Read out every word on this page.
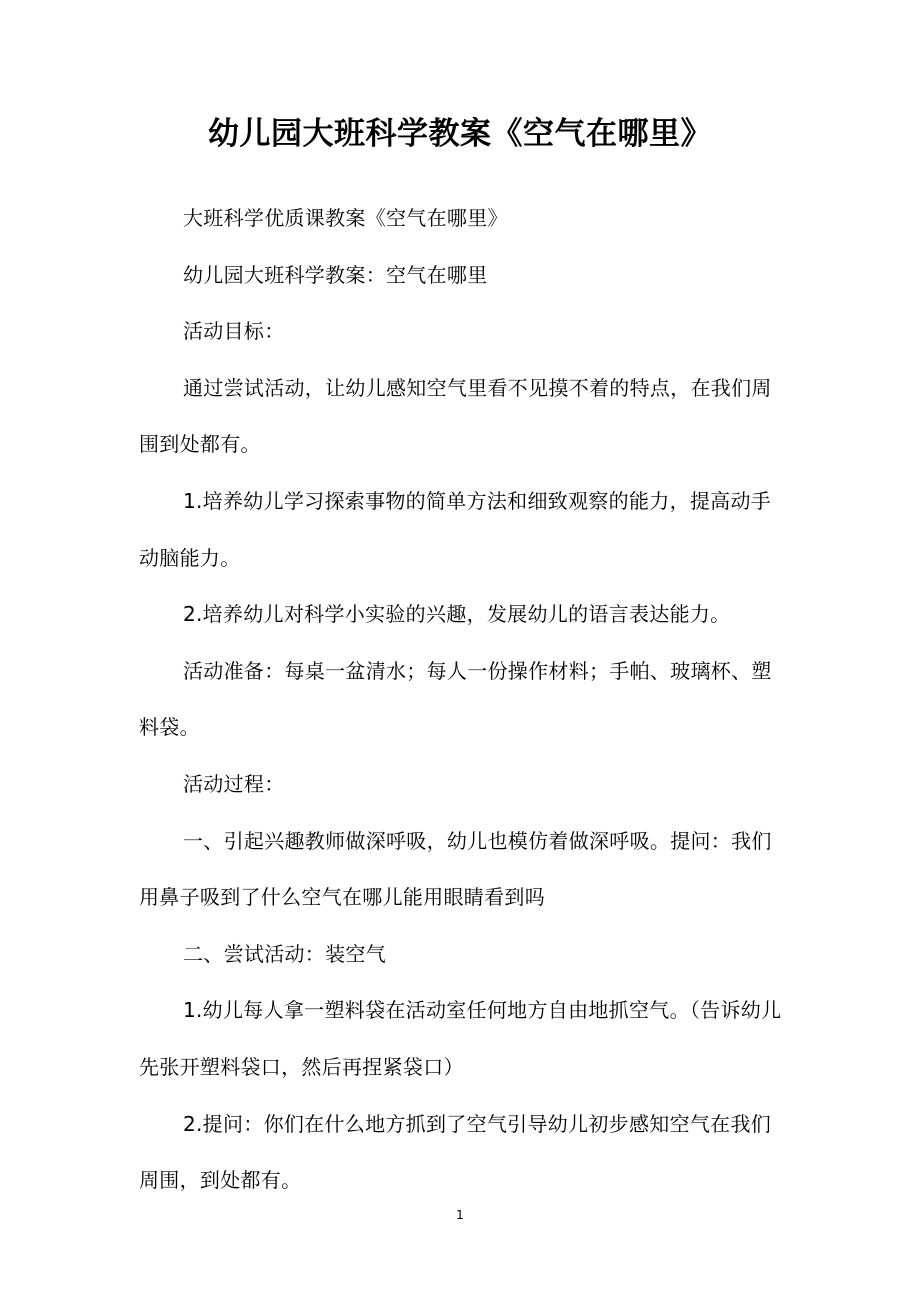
幼儿园大班科学教案《空气在哪里》

大班科学优质课教案《空气在哪里》

幼儿园大班科学教案：空气在哪里

活动目标：

通过尝试活动，让幼儿感知空气里看不见摸不着的特点，在我们周围到处都有。

1.培养幼儿学习探索事物的简单方法和细致观察的能力，提高动手动脑能力。

2.培养幼儿对科学小实验的兴趣，发展幼儿的语言表达能力。

活动准备：每桌一盆清水；每人一份操作材料；手帕、玻璃杯、塑料袋。

活动过程：

一、引起兴趣教师做深呼吸，幼儿也模仿着做深呼吸。提问：我们用鼻子吸到了什么空气在哪儿能用眼睛看到吗

二、尝试活动：装空气

1.幼儿每人拿一塑料袋在活动室任何地方自由地抓空气。（告诉幼儿先张开塑料袋口，然后再捏紧袋口）

2.提问：你们在什么地方抓到了空气引导幼儿初步感知空气在我们周围，到处都有。

1
